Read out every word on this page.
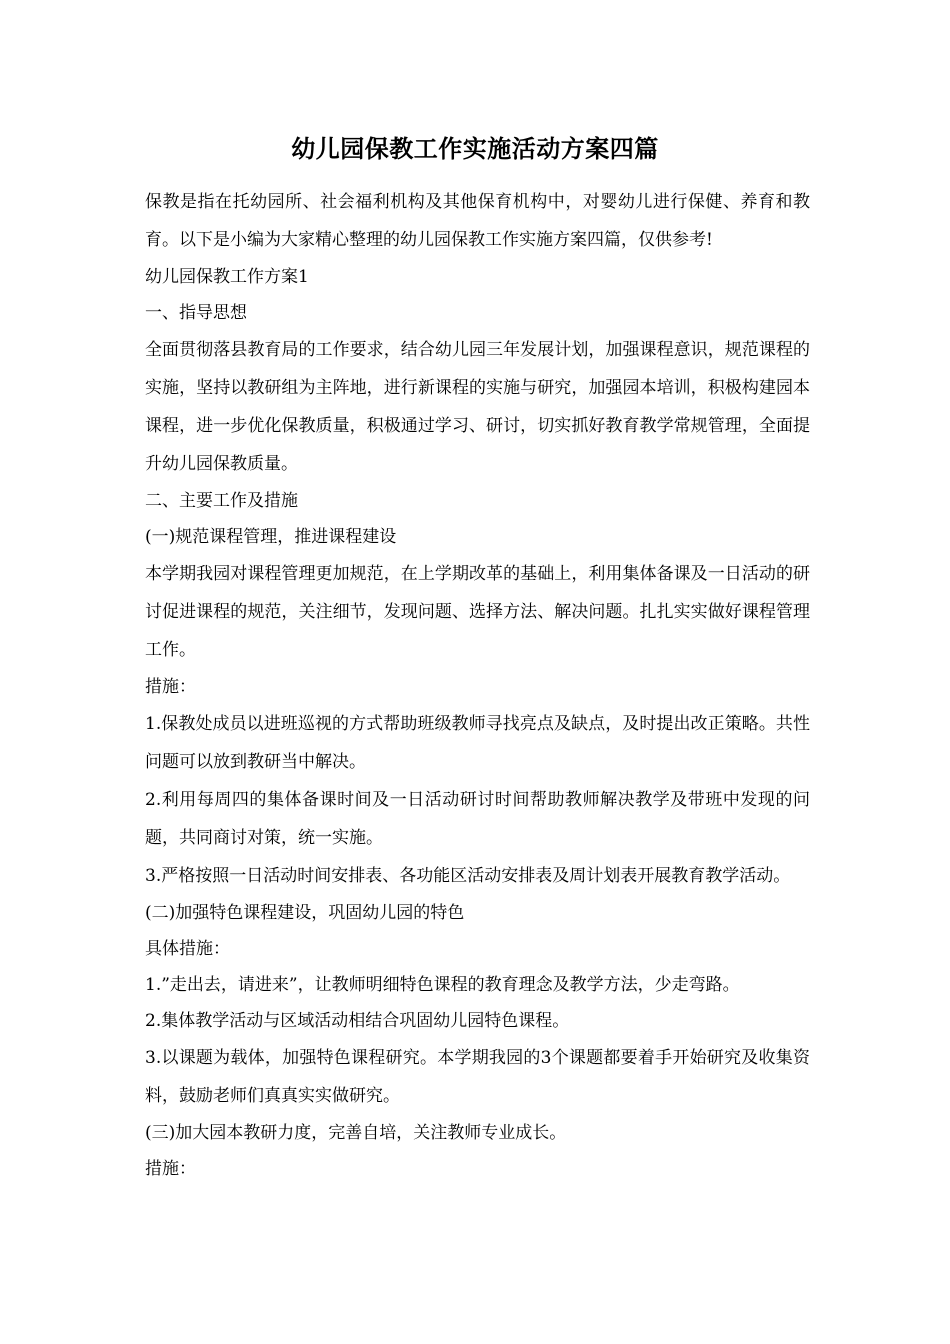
幼儿园保教工作实施活动方案四篇

保教是指在托幼园所、社会福利机构及其他保育机构中，对婴幼儿进行保健、养育和教育。以下是小编为大家精心整理的幼儿园保教工作实施方案四篇，仅供参考!

幼儿园保教工作方案1

一、指导思想

全面贯彻落县教育局的工作要求，结合幼儿园三年发展计划，加强课程意识，规范课程的实施，坚持以教研组为主阵地，进行新课程的实施与研究，加强园本培训，积极构建园本课程，进一步优化保教质量，积极通过学习、研讨，切实抓好教育教学常规管理，全面提升幼儿园保教质量。

二、主要工作及措施

(一)规范课程管理，推进课程建设

本学期我园对课程管理更加规范，在上学期改革的基础上，利用集体备课及一日活动的研讨促进课程的规范，关注细节，发现问题、选择方法、解决问题。扎扎实实做好课程管理工作。

措施：

1.保教处成员以进班巡视的方式帮助班级教师寻找亮点及缺点，及时提出改正策略。共性问题可以放到教研当中解决。

2.利用每周四的集体备课时间及一日活动研讨时间帮助教师解决教学及带班中发现的问题，共同商讨对策，统一实施。

3.严格按照一日活动时间安排表、各功能区活动安排表及周计划表开展教育教学活动。

(二)加强特色课程建设，巩固幼儿园的特色

具体措施：

1.”走出去，请进来”，让教师明细特色课程的教育理念及教学方法，少走弯路。

2.集体教学活动与区域活动相结合巩固幼儿园特色课程。

3.以课题为载体，加强特色课程研究。本学期我园的3个课题都要着手开始研究及收集资料，鼓励老师们真真实实做研究。

(三)加大园本教研力度，完善自培，关注教师专业成长。

措施：
